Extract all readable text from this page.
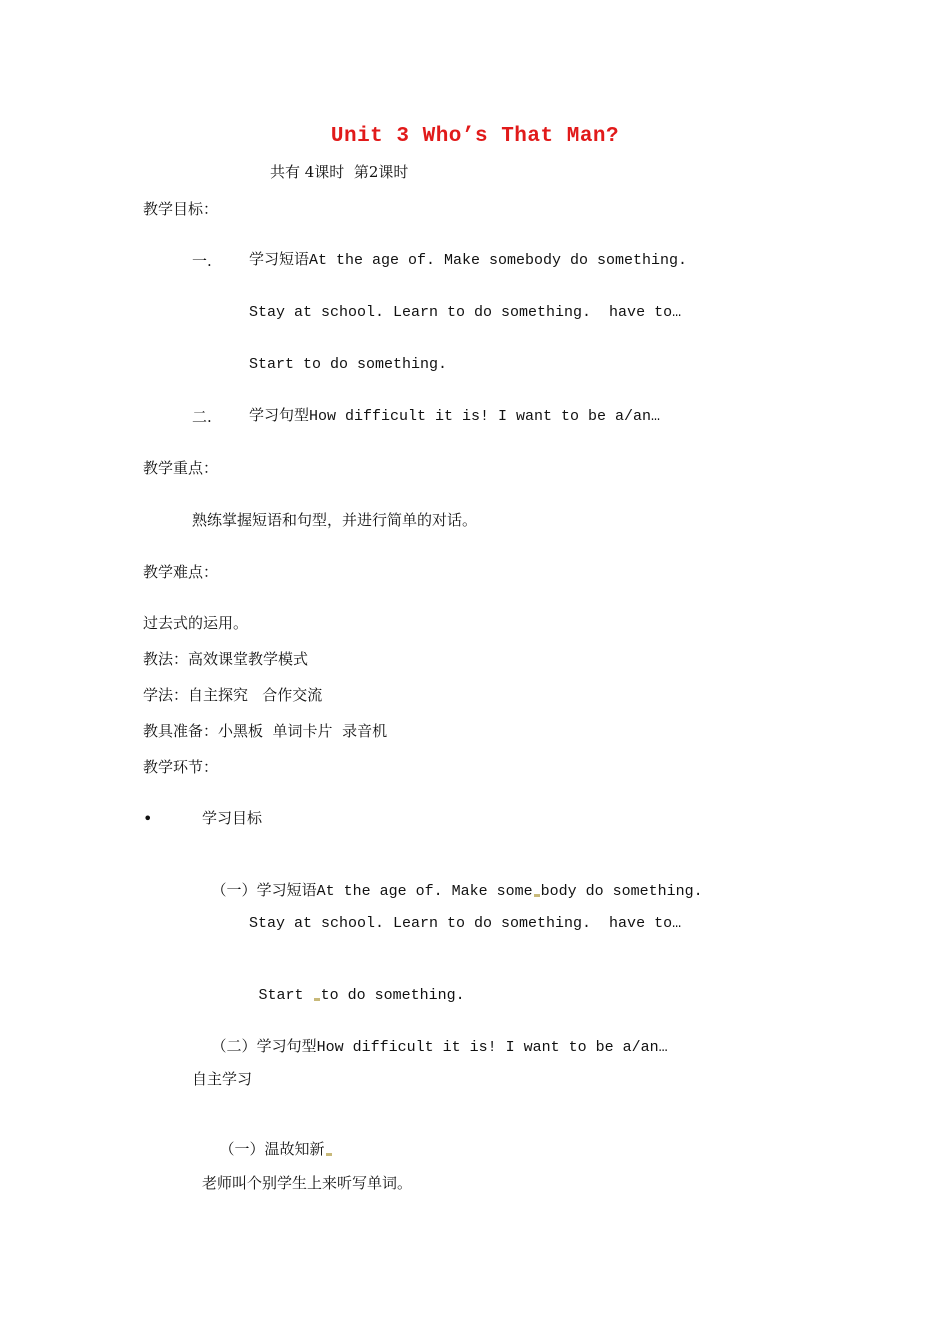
Unit 3 Who’s That Man?
共有 4课时  第2课时
教学目标：
一. 学习短语At the age of. Make somebody do something.
Stay at school. Learn to do something.  have to…
Start to do something.
二. 学习句型How difficult it is! I want to be a/an…
教学重点：
熟练掌握短语和句型，并进行简单的对话。
教学难点：
过去式的运用。
教法：高效课堂教学模式
学法：自主探究   合作交流
教具准备：小黑板  单词卡片  录音机
教学环节：
•	学习目标

（一）学习短语At the age of. Make some body do something.

Stay at school. Learn to do something.  have to…

Start to do something.

（二）学习句型How difficult it is! I want to be a/an…

自主学习

（一）温故知新

老师叫个别学生上来听写单词。
